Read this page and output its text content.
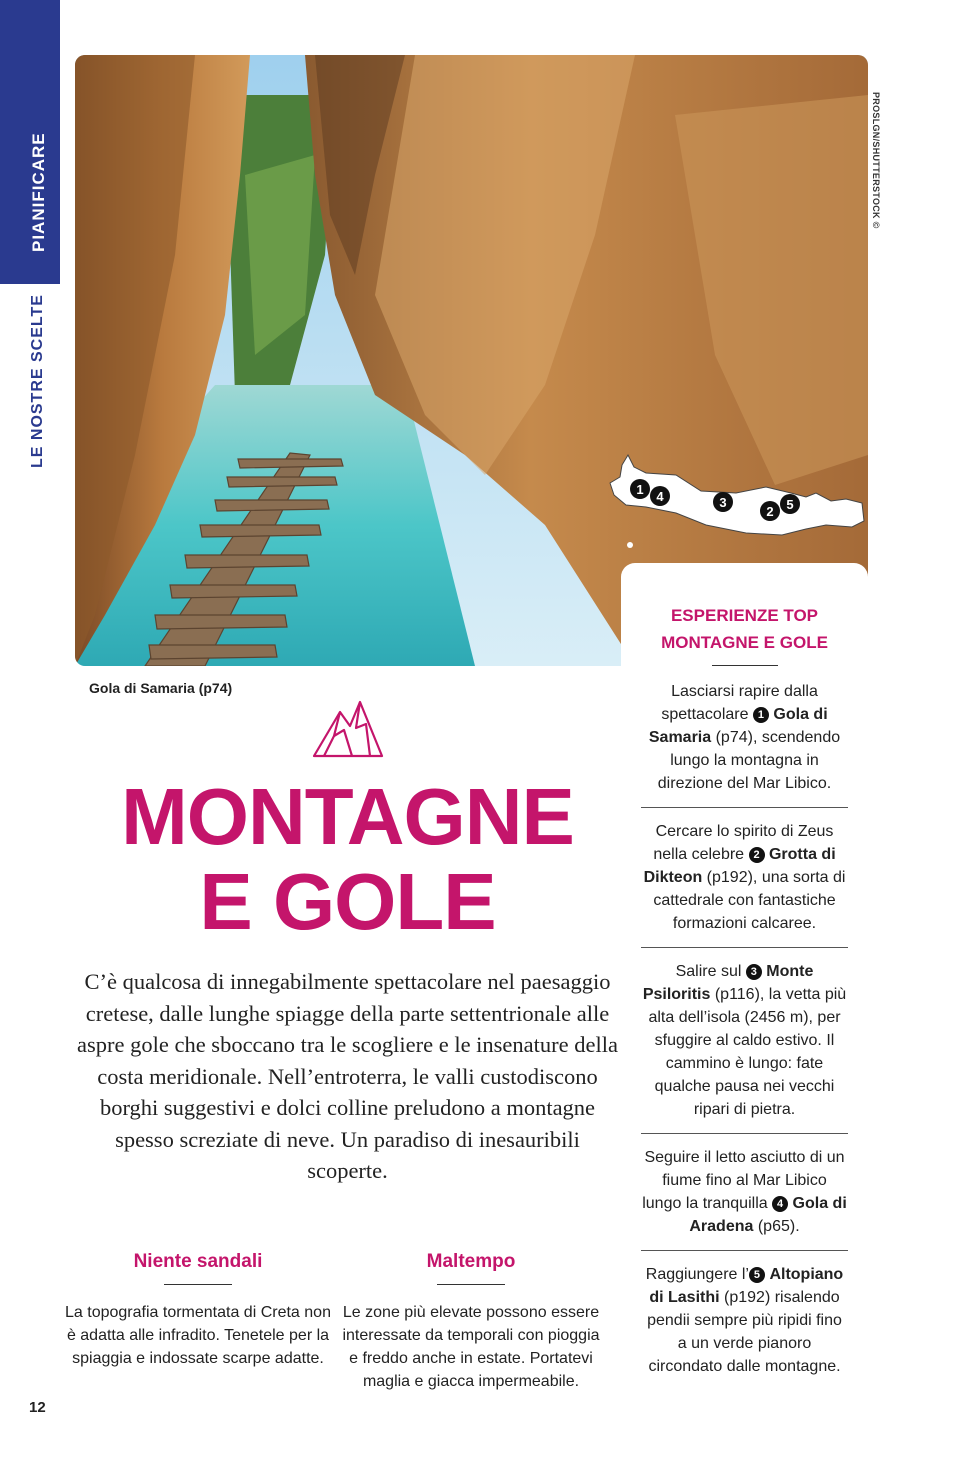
PIANIFICARE
LE NOSTRE SCELTE
1 4	3
2 5
PROSLGN/SHUTTERSTOCK ©
Gola di Samaria (p74)
MONTAGNE
E GOLE
C’è qualcosa di innegabilmente spettacolare nel paesaggio cretese, dalle lunghe spiagge della parte settentrionale alle aspre gole che sboccano tra le scogliere e le insenature della costa meridionale. Nell’entroterra, le valli custodiscono borghi suggestivi e dolci colline preludono a montagne spesso screziate di neve. Un paradiso di inesauribili scoperte.
Niente sandali

La topografia tormentata di Creta non è adatta alle infradito. Tenetele per la spiaggia e indossate scarpe adatte.

Maltempo

Le zone più elevate possono essere interessate da temporali con pioggia e freddo anche in estate. Portatevi maglia e giacca impermeabile.

12
ESPERIENZE TOP
MONTAGNE E GOLE
Lasciarsi rapire dalla spettacolare 1 Gola di Samaria (p74), scendendo lungo la montagna in direzione del Mar Libico.
Cercare lo spirito di Zeus nella celebre 2 Grotta di Dikteon (p192), una sorta di cattedrale con fantastiche formazioni calcaree.
Salire sul 3 Monte Psiloritis (p116), la vetta più alta dell’isola (2456 m), per sfuggire al caldo estivo. Il cammino è lungo: fate qualche pausa nei vecchi ripari di pietra.
Seguire il letto asciutto di un fiume fino al Mar Libico lungo la tranquilla 4 Gola di Aradena (p65).
Raggiungere l’ 5 Altopiano di Lasithi (p192) risalendo pendii sempre più ripidi fino a un verde pianoro circondato dalle montagne.
